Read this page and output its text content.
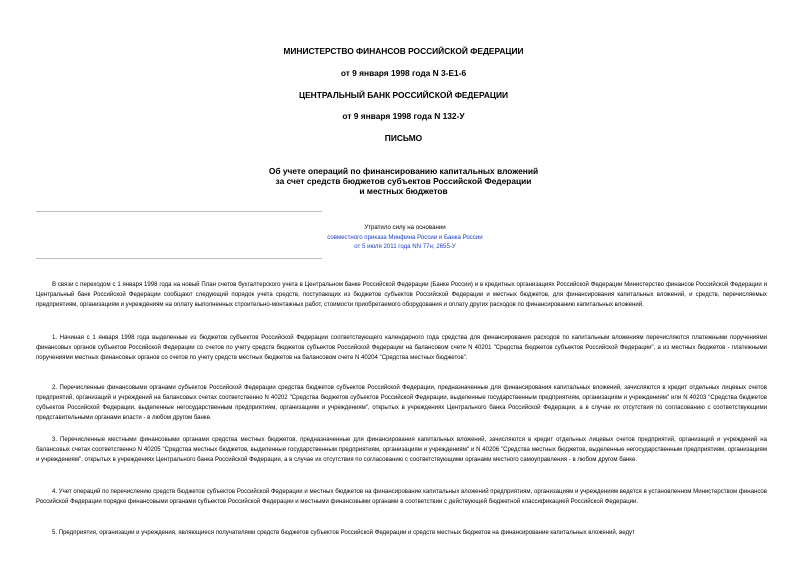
МИНИСТЕРСТВО ФИНАНСОВ РОССИЙСКОЙ ФЕДЕРАЦИИ
от 9 января 1998 года N 3-Е1-6
ЦЕНТРАЛЬНЫЙ БАНК РОССИЙСКОЙ ФЕДЕРАЦИИ
от 9 января 1998 года N 132-У
ПИСЬМО
Об учете операций по финансированию капитальных вложений
за счет средств бюджетов субъектов Российской Федерации
и местных бюджетов
Утратило силу на основании
совместного приказа Минфина России и Банка России
от 5 июля 2011 года NN 77н; 2655-У

В связи с переходом с 1 января 1998 года на новый План счетов бухгалтерского учета в Центральном банке Российской Федерации (Банке России) и в кредитных организациях Российской Федерации Министерство финансов Российской Федерации и Центральный банк Российской Федерации сообщают следующий порядок учета средств, поступающих из бюджетов субъектов Российской Федерации и местных бюджетов, для финансирования капитальных вложений, и средств, перечисляемых предприятиям, организациям и учреждениям на оплату выполненных строительно-монтажных работ, стоимости приобретаемого оборудования и оплату других расходов по финансированию капитальных вложений.

1. Начиная с 1 января 1998 года выделенные из бюджетов субъектов Российской Федерации соответствующего календарного года средства для финансирования расходов по капитальным вложениям перечисляются платежными поручениями финансовых органов субъектов Российской Федерации со счетов по учету средств бюджетов субъектов Российской Федерации на балансовом счете N 40201 "Средства бюджетов субъектов Российской Федерации", а из местных бюджетов - платежными поручениями местных финансовых органов со счетов по учету средств местных бюджетов на балансовом счете N 40204 "Средства местных бюджетов".

2. Перечисленные финансовыми органами субъектов Российской Федерации средства бюджетов субъектов Российской Федерации, предназначенные для финансирования капитальных вложений, зачисляются в кредит отдельных лицевых счетов предприятий, организаций и учреждений на балансовых счетах соответственно N 40202 "Средства бюджетов субъектов Российской Федерации, выделенные государственным предприятиям, организациям и учреждениям" или N 40203 "Средства бюджетов субъектов Российской Федерации, выделенные негосударственным предприятиям, организациям и учреждениям", открытых в учреждениях Центрального банка Российской Федерации, а в случае их отсутствия по согласованию с соответствующими представительными органами власти - в любом другом банке.

3. Перечисленные местными финансовыми органами средства местных бюджетов, предназначенные для финансирования капитальных вложений, зачисляются в кредит отдельных лицевых счетов предприятий, организаций и учреждений на балансовых счетах соответственно N 40205 "Средства местных бюджетов, выделенные государственным предприятиям, организациям и учреждениям" и N 40206 "Средства местных бюджетов, выделенные негосударственным предприятиям, организациям и учреждениям", открытых в учреждениях Центрального банка Российской Федерации, а в случае их отсутствия по согласованию с соответствующими органами местного самоуправления - в любом другом банке.

4. Учет операций по перечислению средств бюджетов субъектов Российской Федерации и местных бюджетов на финансирование капитальных вложений предприятиям, организациям и учреждениям ведется в установленном Министерством финансов Российской Федерации порядке финансовыми органами субъектов Российской Федерации и местными финансовыми органами в соответствии с действующей бюджетной классификацией Российской Федерации.

5. Предприятия, организации и учреждения, являющиеся получателями средств бюджетов субъектов Российской Федерации и средств местных бюджетов на финансирование капитальных вложений, ведут
